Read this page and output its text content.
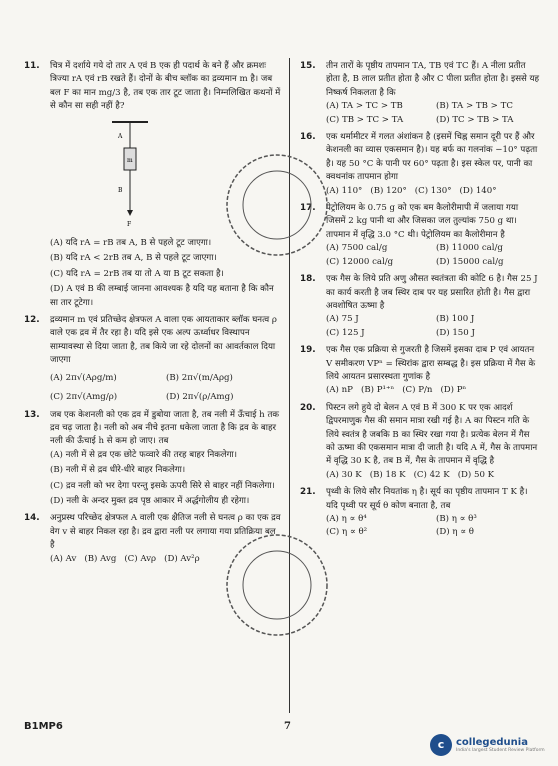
11. चित्र में दर्शाये गये दो तार A एवं B एक ही पदार्थ के बने हैं और क्रमशः त्रिज्या rA एवं rB रखते हैं। दोनों के बीच ब्लॉक का द्रव्यमान m है। जब बल F का मान mg/3 है, तब एक तार टूट जाता है। निम्नलिखित कथनों में से कौन सा सही नहीं है?
A
m
B
F
(A) यदि rA = rB तब A, B से पहले टूट जाएगा।
(B) यदि rA < 2rB तब A, B से पहले टूट जाएगा।
(C) यदि rA = 2rB तब या तो A या B टूट सकता है।
(D) A एवं B की लम्बाई जानना आवश्यक है यदि यह बताना है कि कौन सा तार टूटेगा।
12. द्रव्यमान m एवं प्रतिच्छेद क्षेत्रफल A वाला एक आयताकार ब्लॉक घनत्व ρ वाले एक द्रव में तैर रहा है। यदि इसे एक अल्प ऊर्ध्वाधर विस्थापन साम्यावस्था से दिया जाता है, तब किये जा रहे दोलनों का आवर्तकाल दिया जाएगा
(A) 2π√(Aρg/m)	(B) 2π√(m/Aρg)
(C) 2π√(Amg/ρ)	(D) 2π√(ρ/Amg)
13. जब एक केशनली को एक द्रव में डुबोया जाता है, तब नली में ऊँचाई h तक द्रव चढ़ जाता है। नली को अब नीचे इतना धकेला जाता है कि द्रव के बाहर नली की ऊँचाई h से कम हो जाए। तब
(A) नली में से द्रव एक छोटे फव्वारे की तरह बाहर निकलेगा।
(B) नली में से द्रव धीरे-धीरे बाहर निकलेगा।
(C) द्रव नली को भर देगा परन्तु इसके ऊपरी सिरे से बाहर नहीं निकलेगा।
(D) नली के अन्दर मुक्त द्रव पृष्ठ आकार में अर्द्धगोलीय ही रहेगा।
14. अनुप्रस्थ परिच्छेद क्षेत्रफल A वाली एक क्षैतिज नली से घनत्व ρ का एक द्रव वेग v से बाहर निकल रहा है। द्रव द्वारा नली पर लगाया गया प्रतिक्रिया बल है
(A) Av (B) Avg (C) Avρ (D) Av²ρ
15. तीन तारों के पृष्ठीय तापमान TA, TB एवं TC हैं। A नीला प्रतीत होता है, B लाल प्रतीत होता है और C पीला प्रतीत होता है। इससे यह निष्कर्ष निकलता है कि
(A) TA > TC > TB	(B) TA > TB > TC
(C) TB > TC > TA	(D) TC > TB > TA
16. एक थर्मामीटर में गलत अंशांकन है (इसमें चिह्न समान दूरी पर हैं और केशनली का व्यास एकसमान है)। यह बर्फ का गलनांक −10° पढ़ता है। यह 50 °C के पानी पर 60° पढ़ता है। इस स्केल पर, पानी का क्वथनांक तापमान होगा
(A) 110° (B) 120° (C) 130° (D) 140°
17. पेट्रोलियम के 0.75 g को एक बम कैलोरीमापी में जलाया गया जिसमें 2 kg पानी था और जिसका जल तुल्यांक 750 g था। तापमान में वृद्धि 3.0 °C थी। पेट्रोलियम का कैलोरीमान है
(A) 7500 cal/g	(B) 11000 cal/g
(C) 12000 cal/g	(D) 15000 cal/g
18. एक गैस के लिये प्रति अणु औसत स्वतंत्रता की कोटि 6 है। गैस 25 J का कार्य करती है जब स्थिर दाब पर यह प्रसारित होती है। गैस द्वारा अवशोषित ऊष्मा है
(A) 75 J	(B) 100 J
(C) 125 J	(D) 150 J
19. एक गैस एक प्रक्रिया से गुजरती है जिसमें इसका दाब P एवं आयतन V समीकरण VPⁿ = स्थिरांक द्वारा सम्बद्ध है। इस प्रक्रिया में गैस के लिये आयतन प्रसारस्थता गुणांक है
(A) nP (B) P¹⁺ⁿ (C) P/n (D) Pⁿ
20. पिस्टन लगे हुये दो बेलन A एवं B में 300 K पर एक आदर्श द्विपरमाणुक गैस की समान मात्रा रखी गई है। A का पिस्टन गति के लिये स्वतंत्र है जबकि B का स्थिर रखा गया है। प्रत्येक बेलन में गैस को ऊष्मा की एकसमान मात्रा दी जाती है। यदि A में, गैस के तापमान में वृद्धि 30 K है, तब B में, गैस के तापमान में वृद्धि है
(A) 30 K (B) 18 K (C) 42 K (D) 50 K
21. पृथ्वी के लिये सौर नियतांक η है। सूर्य का पृष्ठीय तापमान T K है। यदि पृथ्वी पर सूर्य θ कोण बनाता है, तब
(A) η ∝ θ⁴	(B) η ∝ θ³
(C) η ∝ θ²	(D) η ∝ θ
B1MP6	7
c	collegedunia
India's largest Student Review Platform
